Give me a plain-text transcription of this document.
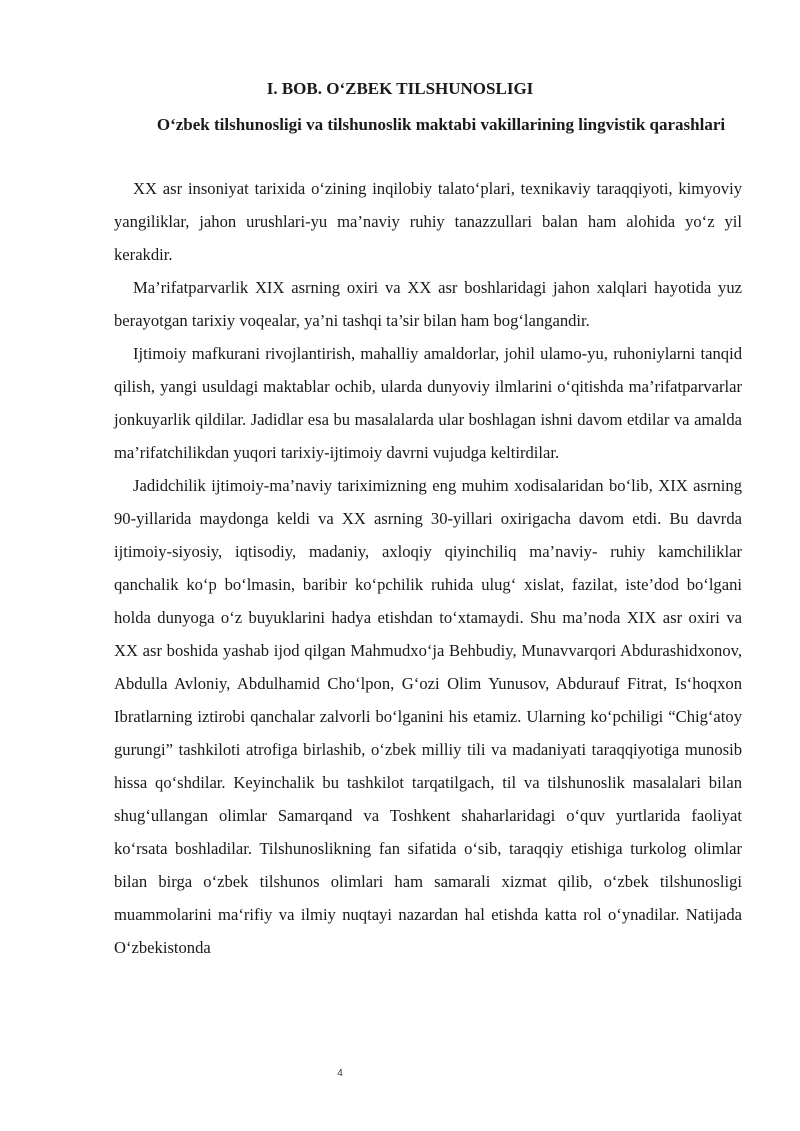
I. BOB. O‘ZBEK TILSHUNOSLIGI
O‘zbek tilshunosligi va tilshunoslik maktabi vakillarining lingvistik qarashlari

XX asr insoniyat tarixida o‘zining inqilobiy talato‘plari, texnikaviy taraqqiyoti, kimyoviy yangiliklar, jahon urushlari-yu ma’naviy ruhiy tanazzullari balan ham alohida yo‘z yil kerakdir.

Ma’rifatparvarlik XIX asrning oxiri va XX asr boshlaridagi jahon xalqlari hayotida yuz berayotgan tarixiy voqealar, ya’ni tashqi ta’sir bilan ham bog‘langandir.

Ijtimoiy mafkurani rivojlantirish, mahalliy amaldorlar, johil ulamo-yu, ruhoniylarni tanqid qilish, yangi usuldagi maktablar ochib, ularda dunyoviy ilmlarini o‘qitishda ma’rifatparvarlar jonkuyarlik qildilar. Jadidlar esa bu masalalarda ular boshlagan ishni davom etdilar va amalda ma’rifatchilikdan yuqori tarixiy-ijtimoiy davrni vujudga keltirdilar.

Jadidchilik ijtimoiy-ma’naviy tariximizning eng muhim xodisalaridan bo‘lib, XIX asrning 90-yillarida maydonga keldi va XX asrning 30-yillari oxirigacha davom etdi. Bu davrda ijtimoiy-siyosiy, iqtisodiy, madaniy, axloqiy qiyinchiliq ma’naviy- ruhiy kamchiliklar qanchalik ko‘p bo‘lmasin, baribir ko‘pchilik ruhida ulug‘ xislat, fazilat, iste’dod bo‘lgani holda dunyoga o‘z buyuklarini hadya etishdan to‘xtamaydi. Shu ma’noda XIX asr oxiri va XX asr boshida yashab ijod qilgan Mahmudxo‘ja Behbudiy, Munavvarqori Abdurashidxonov, Abdulla Avloniy, Abdulhamid Cho‘lpon, G‘ozi Olim Yunusov, Abdurauf Fitrat, Is‘hoqxon Ibratlarning iztirobi qanchalar zalvorli bo‘lganini his etamiz. Ularning ko‘pchiligi “Chig‘atoy gurungi” tashkiloti atrofiga birlashib, o‘zbek milliy tili va madaniyati taraqqiyotiga munosib hissa qo‘shdilar. Keyinchalik bu tashkilot tarqatilgach, til va tilshunoslik masalalari bilan shug‘ullangan olimlar Samarqand va Toshkent shaharlaridagi o‘quv yurtlarida faoliyat ko‘rsata boshladilar. Tilshunoslikning fan sifatida o‘sib, taraqqiy etishiga turkolog olimlar bilan birga o‘zbek tilshunos olimlari ham samarali xizmat qilib, o‘zbek tilshunosligi muammolarini ma‘rifiy va ilmiy nuqtayi nazardan hal etishda katta rol o‘ynadilar. Natijada O‘zbekistonda

4
